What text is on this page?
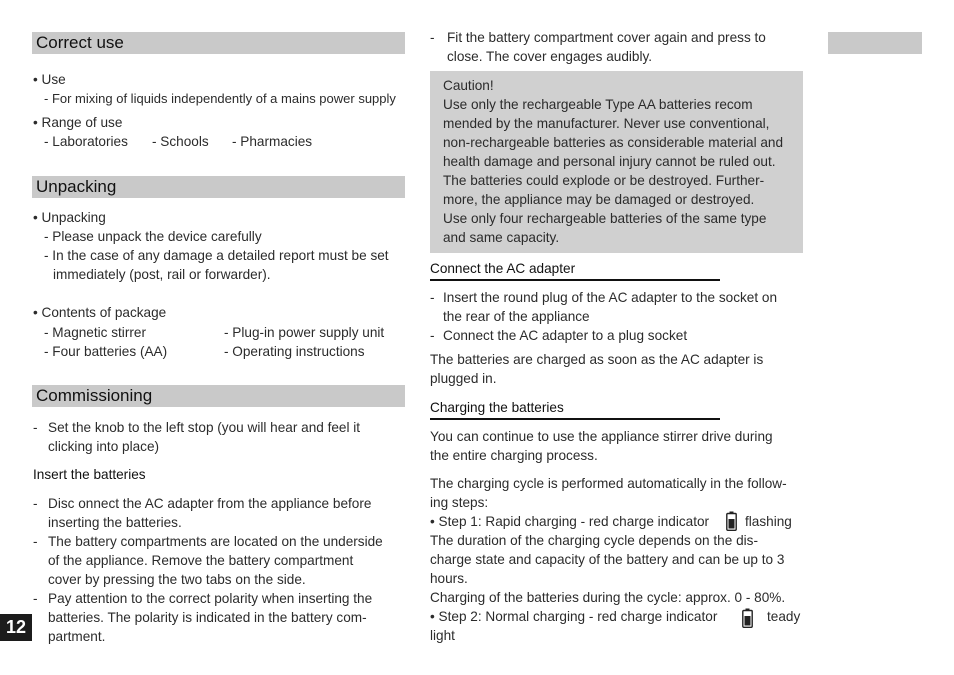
Correct use
• Use
- For mixing of liquids independently of a mains power supply
• Range of use
- Laboratories - Schools - Pharmacies
Unpacking
• Unpacking
- Please unpack the device carefully
- In the case of any damage a detailed report must be set
immediately (post, rail or forwarder).
• Contents of package
- Magnetic stirrer
- Four batteries (AA)
- Plug-in power supply unit
- Operating instructions
Commissioning
- Set the knob to the left stop (you will hear and feel it
clicking into place)
Insert the batteries
- Disc onnect the AC adapter from the appliance before
inserting the batteries.
- The battery compartments are located on the underside
of the appliance. Remove the battery compartment
cover by pressing the two tabs on the side.
- Pay attention to the correct polarity when inserting the
batteries. The polarity is indicated in the battery com-
partment.
12
- Fit the battery compartment cover again and press to
close. The cover engages audibly.
Caution!
Use only the rechargeable Type AA batteries recom
mended by the manufacturer. Never use conventional,
non-rechargeable batteries as considerable material and
health damage and personal injury cannot be ruled out.
The batteries could explode or be destroyed. Further-
more, the appliance may be damaged or destroyed.
Use only four rechargeable batteries of the same type
and same capacity.
Connect the AC adapter
- Insert the round plug of the AC adapter to the socket on
the rear of the appliance
- Connect the AC adapter to a plug socket
The batteries are charged as soon as the AC adapter is
plugged in.
Charging the batteries
You can continue to use the appliance stirrer drive during
the entire charging process.
The charging cycle is performed automatically in the follow-
ing steps:
• Step 1: Rapid charging - red charge indicator	flashing
The duration of the charging cycle depends on the dis-
charge state and capacity of the battery and can be up to 3
hours.
Charging of the batteries during the cycle: approx. 0 - 80%.
• Step 2: Normal charging - red charge indicator	teady
light
